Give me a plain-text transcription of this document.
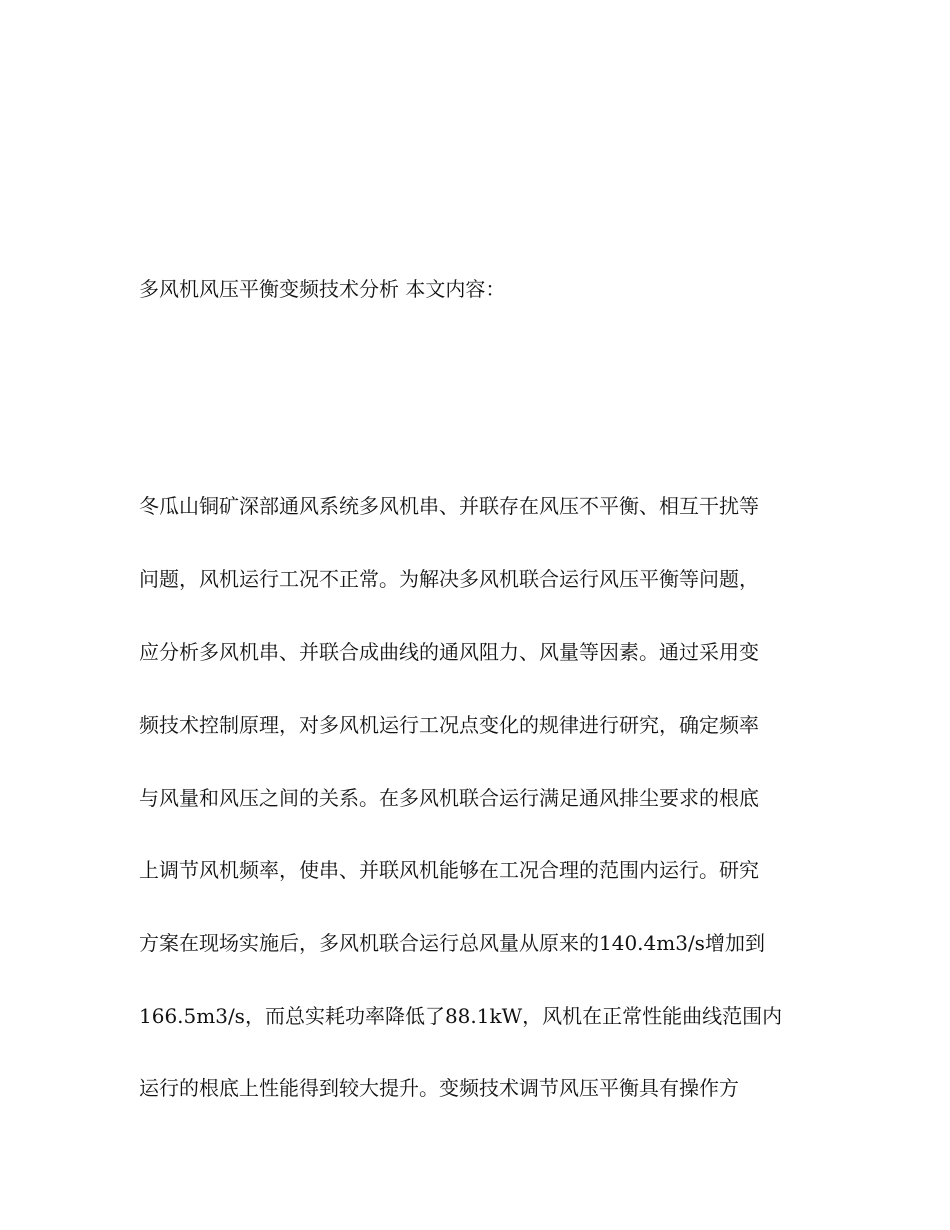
多风机风压平衡变频技术分析 本文内容：
冬瓜山铜矿深部通风系统多风机串、并联存在风压不平衡、相互干扰等
问题，风机运行工况不正常。为解决多风机联合运行风压平衡等问题，
应分析多风机串、并联合成曲线的通风阻力、风量等因素。通过采用变
频技术控制原理，对多风机运行工况点变化的规律进行研究，确定频率
与风量和风压之间的关系。在多风机联合运行满足通风排尘要求的根底
上调节风机频率，使串、并联风机能够在工况合理的范围内运行。研究
方案在现场实施后，多风机联合运行总风量从原来的140.4m3/s增加到
166.5m3/s，而总实耗功率降低了88.1kW，风机在正常性能曲线范围内
运行的根底上性能得到较大提升。变频技术调节风压平衡具有操作方
